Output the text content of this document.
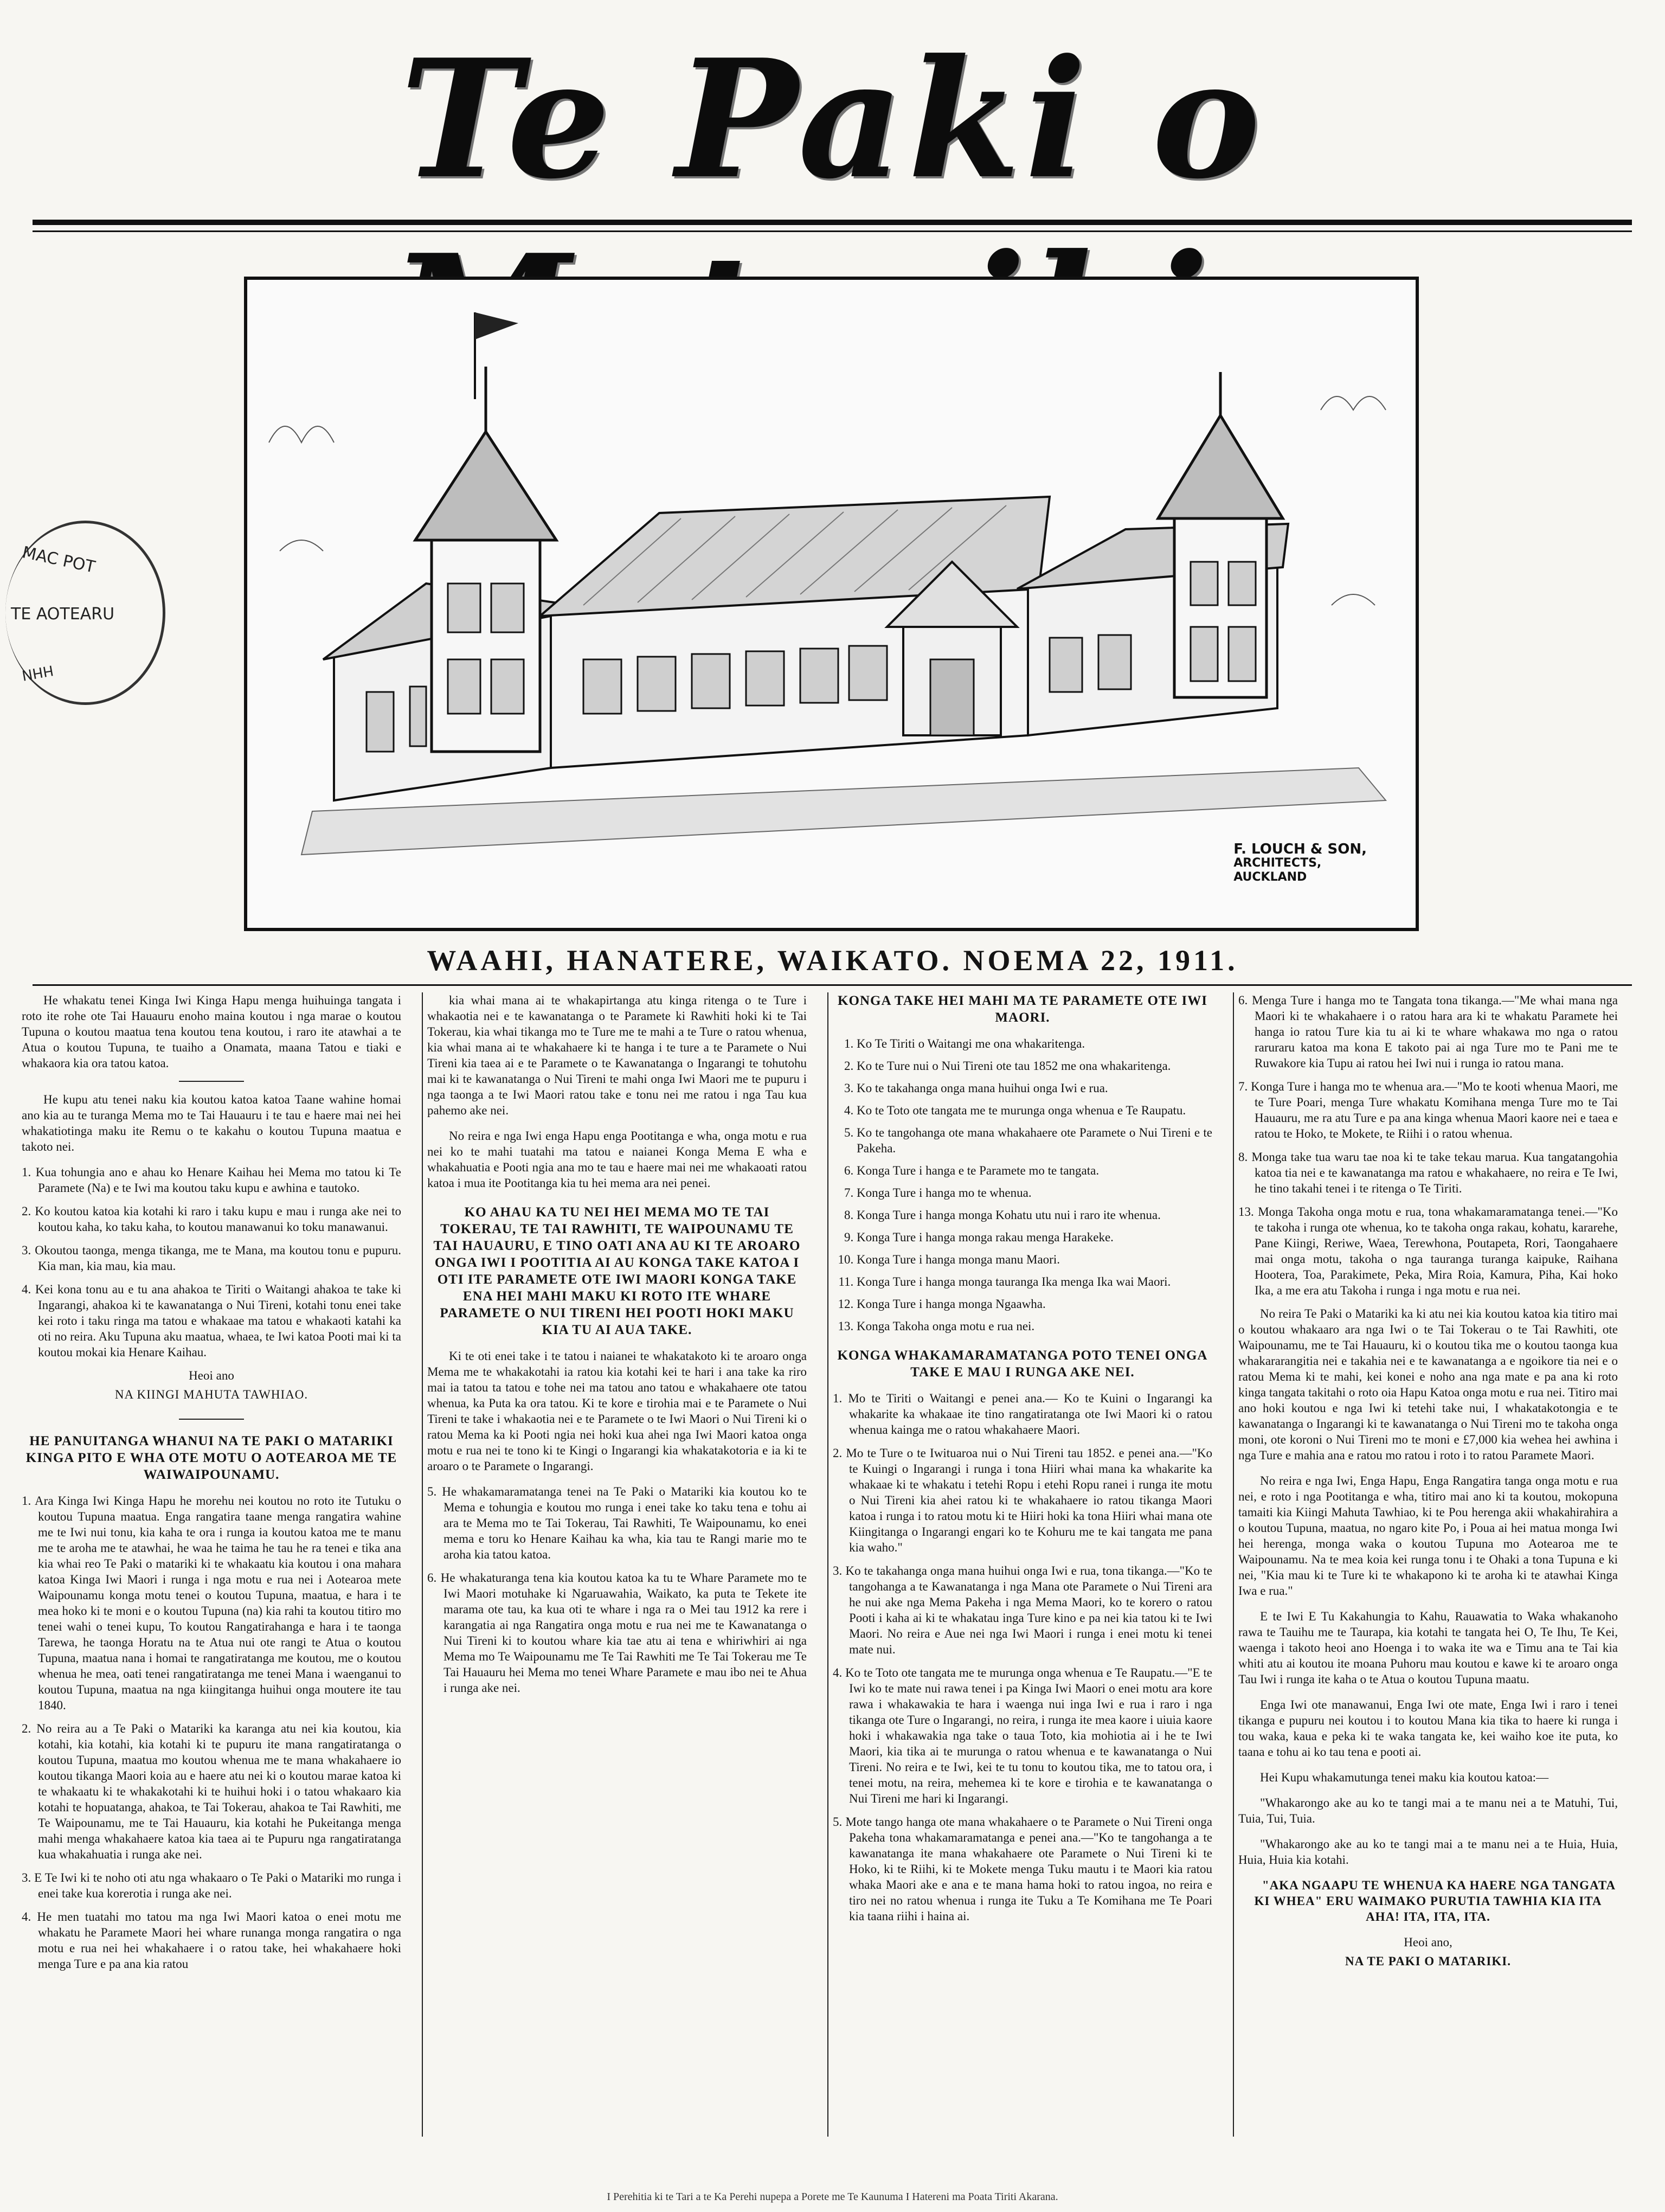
Te Paki o
MAC POT
TE AOTEARU
HHN
F. LOUCH & SON,
ARCHITECTS,
AUCKLAND
WAAHI, HANATERE, WAIKATO. NOEMA 22, 1911.

He whakatu tenei Kinga Iwi Kinga Hapu menga huihuinga tangata i roto ite rohe ote Tai Hauauru enoho maina koutou i nga marae o koutou Tupuna o koutou maatua tena koutou tena koutou, i raro ite atawhai a te Atua o koutou Tupuna, te tuaiho a Onamata, maana Tatou e tiaki e whakaora kia ora tatou katoa.

He kupu atu tenei naku kia koutou katoa katoa Taane wahine homai ano kia au te turanga Mema mo te Tai Hauauru i te tau e haere mai nei hei whakatiotinga maku ite Remu o te kakahu o koutou Tupuna maatua e takoto nei.

1. Kua tohungia ano e ahau ko Henare Kaihau hei Mema mo tatou ki Te Paramete (Na) e te Iwi ma koutou taku kupu e awhina e tautoko.

2. Ko koutou katoa kia kotahi ki raro i taku kupu e mau i runga ake nei to koutou kaha, ko taku kaha, to koutou manawanui ko toku manawanui.

3. Okoutou taonga, menga tikanga, me te Mana, ma koutou tonu e pupuru. Kia man, kia mau, kia mau.

4. Kei kona tonu au e tu ana ahakoa te Tiriti o Waitangi ahakoa te take ki Ingarangi, ahakoa ki te kawanatanga o Nui Tireni, kotahi tonu enei take kei roto i taku ringa ma tatou e whakaae ma tatou e whakaoti katahi ka oti no reira. Aku Tupuna aku maatua, whaea, te Iwi katoa Pooti mai ki ta koutou mokai kia Henare Kaihau.

Heoi ano

NA KIINGI MAHUTA TAWHIAO.

HE PANUITANGA WHANUI NA TE PAKI O MATARIKI KINGA PITO E WHA OTE MOTU O AOTEAROA ME TE WAIWAIPOUNAMU.

1. Ara Kinga Iwi Kinga Hapu he morehu nei koutou no roto ite Tutuku o koutou Tupuna maatua. Enga rangatira taane menga rangatira wahine me te Iwi nui tonu, kia kaha te ora i runga ia koutou katoa me te manu me te aroha me te atawhai, he waa he taima he tau he ra tenei e tika ana kia whai reo Te Paki o matariki ki te whakaatu kia koutou i ona mahara katoa Kinga Iwi Maori i runga i nga motu e rua nei i Aotearoa mete Waipounamu konga motu tenei o koutou Tupuna, maatua, e hara i te mea hoko ki te moni e o koutou Tupuna (na) kia rahi ta koutou titiro mo tenei wahi o tenei kupu, To koutou Rangatirahanga e hara i te taonga Tarewa, he taonga Horatu na te Atua nui ote rangi te Atua o koutou Tupuna, maatua nana i homai te rangatiratanga me koutou, me o koutou whenua he mea, oati tenei rangatiratanga me tenei Mana i waenganui to koutou Tupuna, maatua na nga kiingitanga huihui onga moutere ite tau 1840.

2. No reira au a Te Paki o Matariki ka karanga atu nei kia koutou, kia kotahi, kia kotahi, kia kotahi ki te pupuru ite mana rangatiratanga o koutou Tupuna, maatua mo koutou whenua me te mana whakahaere io koutou tikanga Maori koia au e haere atu nei ki o koutou marae katoa ki te whakaatu ki te whakakotahi ki te huihui hoki i o tatou whakaaro kia kotahi te hopuatanga, ahakoa, te Tai Tokerau, ahakoa te Tai Rawhiti, me Te Waipounamu, me te Tai Hauauru, kia kotahi he Pukeitanga menga mahi menga whakahaere katoa kia taea ai te Pupuru nga rangatiratanga kua whakahuatia i runga ake nei.

3. E Te Iwi ki te noho oti atu nga whakaaro o Te Paki o Matariki mo runga i enei take kua korerotia i runga ake nei.

4. He men tuatahi mo tatou ma nga Iwi Maori katoa o enei motu me whakatu he Paramete Maori hei whare runanga monga rangatira o nga motu e rua nei hei whakahaere i o ratou take, hei whakahaere hoki menga Ture e pa ana kia ratou

kia whai mana ai te whakapirtanga atu kinga ritenga o te Ture i whakaotia nei e te kawanatanga o te Paramete ki Rawhiti hoki ki te Tai Tokerau, kia whai tikanga mo te Ture me te mahi a te Ture o ratou whenua, kia whai mana ai te whakahaere ki te hanga i te ture a te Paramete o Nui Tireni kia taea ai e te Paramete o te Kawanatanga o Ingarangi te tohutohu mai ki te kawanatanga o Nui Tireni te mahi onga Iwi Maori me te pupuru i nga taonga a te Iwi Maori ratou take e tonu nei me ratou i nga Tau kua pahemo ake nei.

No reira e nga Iwi enga Hapu enga Pootitanga e wha, onga motu e rua nei ko te mahi tuatahi ma tatou e naianei Konga Mema E wha e whakahuatia e Pooti ngia ana mo te tau e haere mai nei me whakaoati ratou katoa i mua ite Pootitanga kia tu hei mema ara nei penei.

KO AHAU KA TU NEI HEI MEMA MO TE TAI TOKERAU, TE TAI RAWHITI, TE WAIPOUNAMU TE TAI HAUAURU, E TINO OATI ANA AU KI TE AROARO ONGA IWI I POOTITIA AI AU KONGA TAKE KATOA I OTI ITE PARAMETE OTE IWI MAORI KONGA TAKE ENA HEI MAHI MAKU KI ROTO ITE WHARE PARAMETE O NUI TIRENI HEI POOTI HOKI MAKU KIA TU AI AUA TAKE.

Ki te oti enei take i te tatou i naianei te whakatakoto ki te aroaro onga Mema me te whakakotahi ia ratou kia kotahi kei te hari i ana take ka riro mai ia tatou ta tatou e tohe nei ma tatou ano tatou e whakahaere ote tatou whenua, ka Puta ka ora tatou. Ki te kore e tirohia mai e te Paramete o Nui Tireni te take i whakaotia nei e te Paramete o te Iwi Maori o Nui Tireni ki o ratou Mema ka ki Pooti ngia nei hoki kua ahei nga Iwi Maori katoa onga motu e rua nei te tono ki te Kingi o Ingarangi kia whakatakotoria e ia ki te aroaro o te Paramete o Ingarangi.

5. He whakamaramatanga tenei na Te Paki o Matariki kia koutou ko te Mema e tohungia e koutou mo runga i enei take ko taku tena e tohu ai ara te Mema mo te Tai Tokerau, Tai Rawhiti, Te Waipounamu, ko enei mema e toru ko Henare Kaihau ka wha, kia tau te Rangi marie mo te aroha kia tatou katoa.

6. He whakaturanga tena kia koutou katoa ka tu te Whare Paramete mo te Iwi Maori motuhake ki Ngaruawahia, Waikato, ka puta te Tekete ite marama ote tau, ka kua oti te whare i nga ra o Mei tau 1912 ka rere i karangatia ai nga Rangatira onga motu e rua nei me te Kawanatanga o Nui Tireni ki to koutou whare kia tae atu ai tena e whiriwhiri ai nga Mema mo Te Waipounamu me Te Tai Rawhiti me Te Tai Tokerau me Te Tai Hauauru hei Mema mo tenei Whare Paramete e mau ibo nei te Ahua i runga ake nei.

KONGA TAKE HEI MAHI MA TE PARAMETE OTE IWI MAORI.

1. Ko Te Tiriti o Waitangi me ona whakaritenga.
2. Ko te Ture nui o Nui Tireni ote tau 1852 me ona whakaritenga.
3. Ko te takahanga onga mana huihui onga Iwi e rua.
4. Ko te Toto ote tangata me te murunga onga whenua e Te Raupatu.
5. Ko te tangohanga ote mana whakahaere ote Paramete o Nui Tireni e te Pakeha.
6. Konga Ture i hanga e te Paramete mo te tangata.
7. Konga Ture i hanga mo te whenua.
8. Konga Ture i hanga monga Kohatu utu nui i raro ite whenua.
9. Konga Ture i hanga monga rakau menga Harakeke.
10. Konga Ture i hanga monga manu Maori.
11. Konga Ture i hanga monga tauranga Ika menga Ika wai Maori.
12. Konga Ture i hanga monga Ngaawha.
13. Konga Takoha onga motu e rua nei.

KONGA WHAKAMARAMATANGA POTO TENEI ONGA TAKE E MAU I RUNGA AKE NEI.

1. Mo te Tiriti o Waitangi e penei ana.— Ko te Kuini o Ingarangi ka whakarite ka whakaae ite tino rangatiratanga ote Iwi Maori ki o ratou whenua kainga me o ratou whakahaere Maori.

2. Mo te Ture o te Iwituaroa nui o Nui Tireni tau 1852. e penei ana.—"Ko te Kuingi o Ingarangi i runga i tona Hiiri whai mana ka whakarite ka whakaae ki te whakatu i tetehi Ropu i etehi Ropu ranei i runga ite motu o Nui Tireni kia ahei ratou ki te whakahaere io ratou tikanga Maori katoa i runga i to ratou motu ki te Hiiri hoki ka tona Hiiri whai mana ote Kiingitanga o Ingarangi engari ko te Kohuru me te kai tangata me pana kia waho."

3. Ko te takahanga onga mana huihui onga Iwi e rua, tona tikanga.—"Ko te tangohanga a te Kawanatanga i nga Mana ote Paramete o Nui Tireni ara he nui ake nga Mema Pakeha i nga Mema Maori, ko te korero o ratou Pooti i kaha ai ki te whakatau inga Ture kino e pa nei kia tatou ki te Iwi Maori. No reira e Aue nei nga Iwi Maori i runga i enei motu ki tenei mate nui.

4. Ko te Toto ote tangata me te murunga onga whenua e Te Raupatu.—"E te Iwi ko te mate nui rawa tenei i pa Kinga Iwi Maori o enei motu ara kore rawa i whakawakia te hara i waenga nui inga Iwi e rua i raro i nga tikanga ote Ture o Ingarangi, no reira, i runga ite mea kaore i uiuia kaore hoki i whakawakia nga take o taua Toto, kia mohiotia ai i he te Iwi Maori, kia tika ai te murunga o ratou whenua e te kawanatanga o Nui Tireni. No reira e te Iwi, kei te tu tonu to koutou tika, me to tatou ora, i tenei motu, na reira, mehemea ki te kore e tirohia e te kawanatanga o Nui Tireni me hari ki Ingarangi.

5. Mote tango hanga ote mana whakahaere o te Paramete o Nui Tireni onga Pakeha tona whakamaramatanga e penei ana.—"Ko te tangohanga a te kawanatanga ite mana whakahaere ote Paramete o Nui Tireni ki te Hoko, ki te Riihi, ki te Mokete menga Tuku mautu i te Maori kia ratou whaka Maori ake e ana e te mana hama hoki to ratou ingoa, no reira e tiro nei no ratou whenua i runga ite Tuku a Te Komihana me Te Poari kia taana riihi i haina ai.

6. Menga Ture i hanga mo te Tangata tona tikanga.—"Me whai mana nga Maori ki te whakahaere i o ratou hara ara ki te whakatu Paramete hei hanga io ratou Ture kia tu ai ki te whare whakawa mo nga o ratou raruraru katoa ma kona E takoto pai ai nga Ture mo te Pani me te Ruwakore kia Tupu ai ratou hei Iwi nui i runga io ratou mana.

7. Konga Ture i hanga mo te whenua ara.—"Mo te kooti whenua Maori, me te Ture Poari, menga Ture whakatu Komihana menga Ture mo te Tai Hauauru, me ra atu Ture e pa ana kinga whenua Maori kaore nei e taea e ratou te Hoko, te Mokete, te Riihi i o ratou whenua.

8. Monga take tua waru tae noa ki te take tekau marua. Kua tangatangohia katoa tia nei e te kawanatanga ma ratou e whakahaere, no reira e Te Iwi, he tino takahi tenei i te ritenga o Te Tiriti.

13. Monga Takoha onga motu e rua, tona whakamaramatanga tenei.—"Ko te takoha i runga ote whenua, ko te takoha onga rakau, kohatu, kararehe, Pane Kiingi, Reriwe, Waea, Terewhona, Poutapeta, Rori, Taongahaere mai onga motu, takoha o nga tauranga turanga kaipuke, Raihana Hootera, Toa, Parakimete, Peka, Mira Roia, Kamura, Piha, Kai hoko Ika, a me era atu Takoha i runga i nga motu e rua nei.

No reira Te Paki o Matariki ka ki atu nei kia koutou katoa kia titiro mai o koutou whakaaro ara nga Iwi o te Tai Tokerau o te Tai Rawhiti, ote Waipounamu, me te Tai Hauauru, ki o koutou tika me o koutou taonga kua whakararangitia nei e takahia nei e te kawanatanga a e ngoikore tia nei e o ratou Mema ki te mahi, kei konei e noho ana nga mate e pa ana ki roto kinga tangata takitahi o roto oia Hapu Katoa onga motu e rua nei. Titiro mai ano hoki koutou e nga Iwi ki tetehi take nui, I whakatakotongia e te kawanatanga o Ingarangi ki te kawanatanga o Nui Tireni mo te takoha onga moni, ote koroni o Nui Tireni mo te moni e £7,000 kia wehea hei awhina i nga Ture e mahia ana e ratou mo ratou i roto i to ratou Paramete Maori.

No reira e nga Iwi, Enga Hapu, Enga Rangatira tanga onga motu e rua nei, e roto i nga Pootitanga e wha, titiro mai ano ki ta koutou, mokopuna tamaiti kia Kiingi Mahuta Tawhiao, ki te Pou herenga akii whakahirahira a o koutou Tupuna, maatua, no ngaro kite Po, i Poua ai hei matua monga Iwi hei herenga, monga waka o koutou Tupuna mo Aotearoa me te Waipounamu. Na te mea koia kei runga tonu i te Ohaki a tona Tupuna e ki nei, "Kia mau ki te Ture ki te whakapono ki te aroha ki te atawhai Kinga Iwa e rua."

E te Iwi E Tu Kakahungia to Kahu, Rauawatia to Waka whakanoho rawa te Tauihu me te Taurapa, kia kotahi te tangata hei O, Te Ihu, Te Kei, waenga i takoto heoi ano Hoenga i to waka ite wa e Timu ana te Tai kia whiti atu ai koutou ite moana Puhoru mau koutou e kawe ki te aroaro onga Tau Iwi i runga ite kaha o te Atua o koutou Tupuna maatu.

Enga Iwi ote manawanui, Enga Iwi ote mate, Enga Iwi i raro i tenei tikanga e pupuru nei koutou i to koutou Mana kia tika to haere ki runga i tou waka, kaua e peka ki te waka tangata ke, kei waiho koe ite puta, ko taana e tohu ai ko tau tena e pooti ai.

Hei Kupu whakamutunga tenei maku kia koutou katoa:—

"Whakarongo ake au ko te tangi mai a te manu nei a te Matuhi, Tui, Tuia, Tui, Tuia.

"Whakarongo ake au ko te tangi mai a te manu nei a te Huia, Huia, Huia, Huia kia kotahi.

"AKA NGAAPU TE WHENUA KA HAERE NGA TANGATA KI WHEA" ERU WAIMAKO PURUTIA TAWHIA KIA ITA AHA! ITA, ITA, ITA.

Heoi ano,

NA TE PAKI O MATARIKI.

I Perehitia ki te Tari a te Ka Perehi nupepa a Porete me Te Kaunuma I Hatereni ma Poata Tiriti Akarana.
